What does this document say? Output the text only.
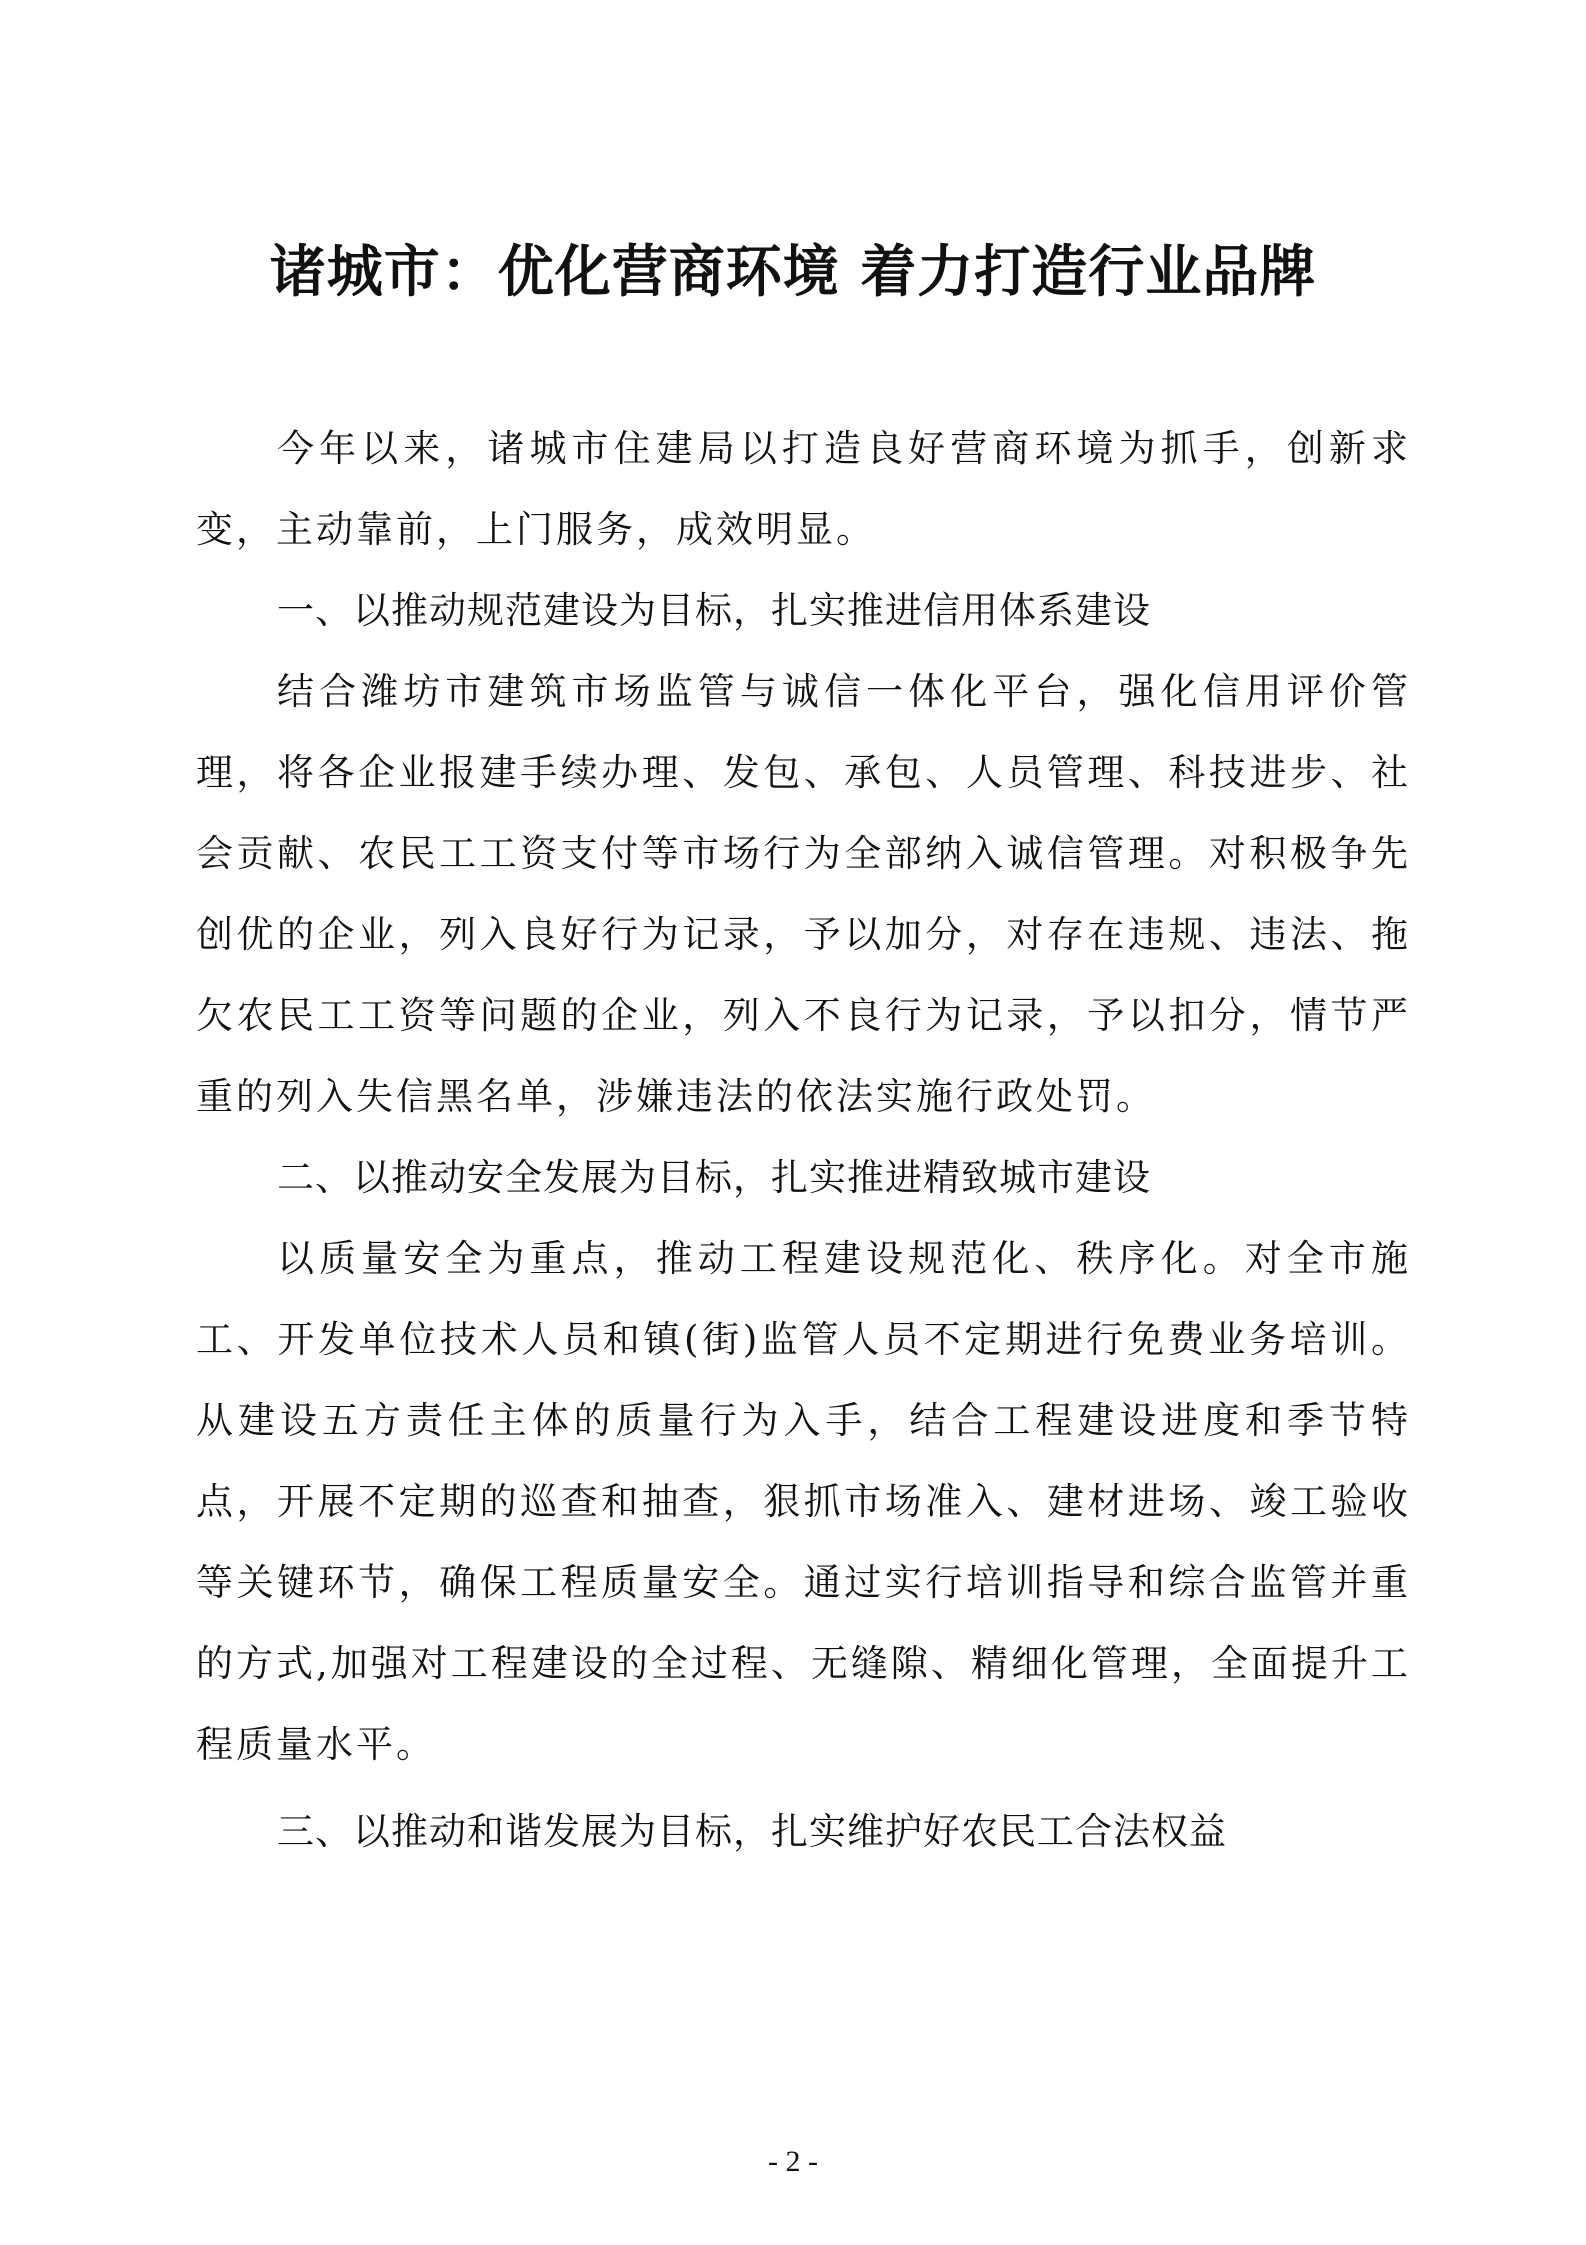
诸城市：优化营商环境 着力打造行业品牌

今年以来，诸城市住建局以打造良好营商环境为抓手，创新求变，主动靠前，上门服务，成效明显。

一、以推动规范建设为目标，扎实推进信用体系建设

结合潍坊市建筑市场监管与诚信一体化平台，强化信用评价管理，将各企业报建手续办理、发包、承包、人员管理、科技进步、社会贡献、农民工工资支付等市场行为全部纳入诚信管理。对积极争先创优的企业，列入良好行为记录，予以加分，对存在违规、违法、拖欠农民工工资等问题的企业，列入不良行为记录，予以扣分，情节严重的列入失信黑名单，涉嫌违法的依法实施行政处罚。

二、以推动安全发展为目标，扎实推进精致城市建设

以质量安全为重点，推动工程建设规范化、秩序化。对全市施工、开发单位技术人员和镇(街)监管人员不定期进行免费业务培训。从建设五方责任主体的质量行为入手，结合工程建设进度和季节特点，开展不定期的巡查和抽查，狠抓市场准入、建材进场、竣工验收等关键环节，确保工程质量安全。通过实行培训指导和综合监管并重的方式,加强对工程建设的全过程、无缝隙、精细化管理，全面提升工程质量水平。

三、以推动和谐发展为目标，扎实维护好农民工合法权益

- 2 -
